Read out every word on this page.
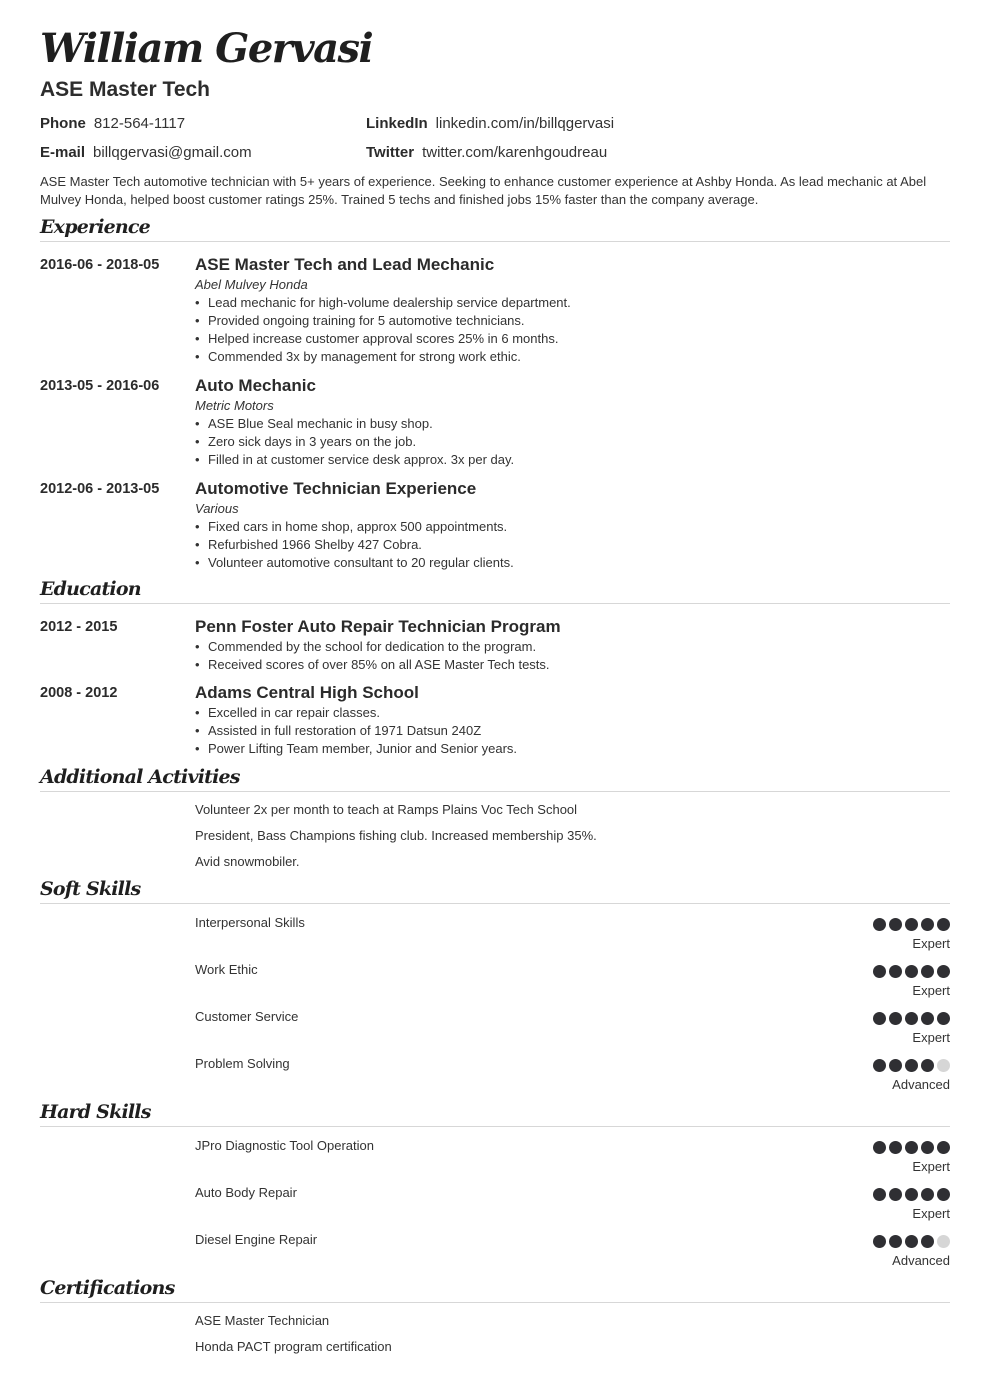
William Gervasi
ASE Master Tech
Phone 812-564-1117
E-mail billqgervasi@gmail.com
LinkedIn linkedin.com/in/billqgervasi
Twitter twitter.com/karenhgoudreau

ASE Master Tech automotive technician with 5+ years of experience. Seeking to enhance customer experience at Ashby Honda. As lead mechanic at Abel Mulvey Honda, helped boost customer ratings 25%. Trained 5 techs and finished jobs 15% faster than the company average.

Experience
2016-06 - 2018-05 ASE Master Tech and Lead Mechanic
Abel Mulvey Honda
• Lead mechanic for high-volume dealership service department.
• Provided ongoing training for 5 automotive technicians.
• Helped increase customer approval scores 25% in 6 months.
• Commended 3x by management for strong work ethic.
2013-05 - 2016-06 Auto Mechanic
Metric Motors
• ASE Blue Seal mechanic in busy shop.
• Zero sick days in 3 years on the job.
• Filled in at customer service desk approx. 3x per day.
2012-06 - 2013-05 Automotive Technician Experience
Various
• Fixed cars in home shop, approx 500 appointments.
• Refurbished 1966 Shelby 427 Cobra.
• Volunteer automotive consultant to 20 regular clients.
Education
2012 - 2015	Penn Foster Auto Repair Technician Program
• Commended by the school for dedication to the program.
• Received scores of over 85% on all ASE Master Tech tests.
2008 - 2012	Adams Central High School
• Excelled in car repair classes.
• Assisted in full restoration of 1971 Datsun 240Z
• Power Lifting Team member, Junior and Senior years.
Additional Activities
Volunteer 2x per month to teach at Ramps Plains Voc Tech School
President, Bass Champions fishing club. Increased membership 35%.
Avid snowmobiler.
Soft Skills
Interpersonal Skills
Expert
Work Ethic
Expert
Customer Service
Expert
Problem Solving
Advanced
Hard Skills
JPro Diagnostic Tool Operation
Expert
Auto Body Repair
Expert
Diesel Engine Repair
Advanced
Certifications
ASE Master Technician
Honda PACT program certification
